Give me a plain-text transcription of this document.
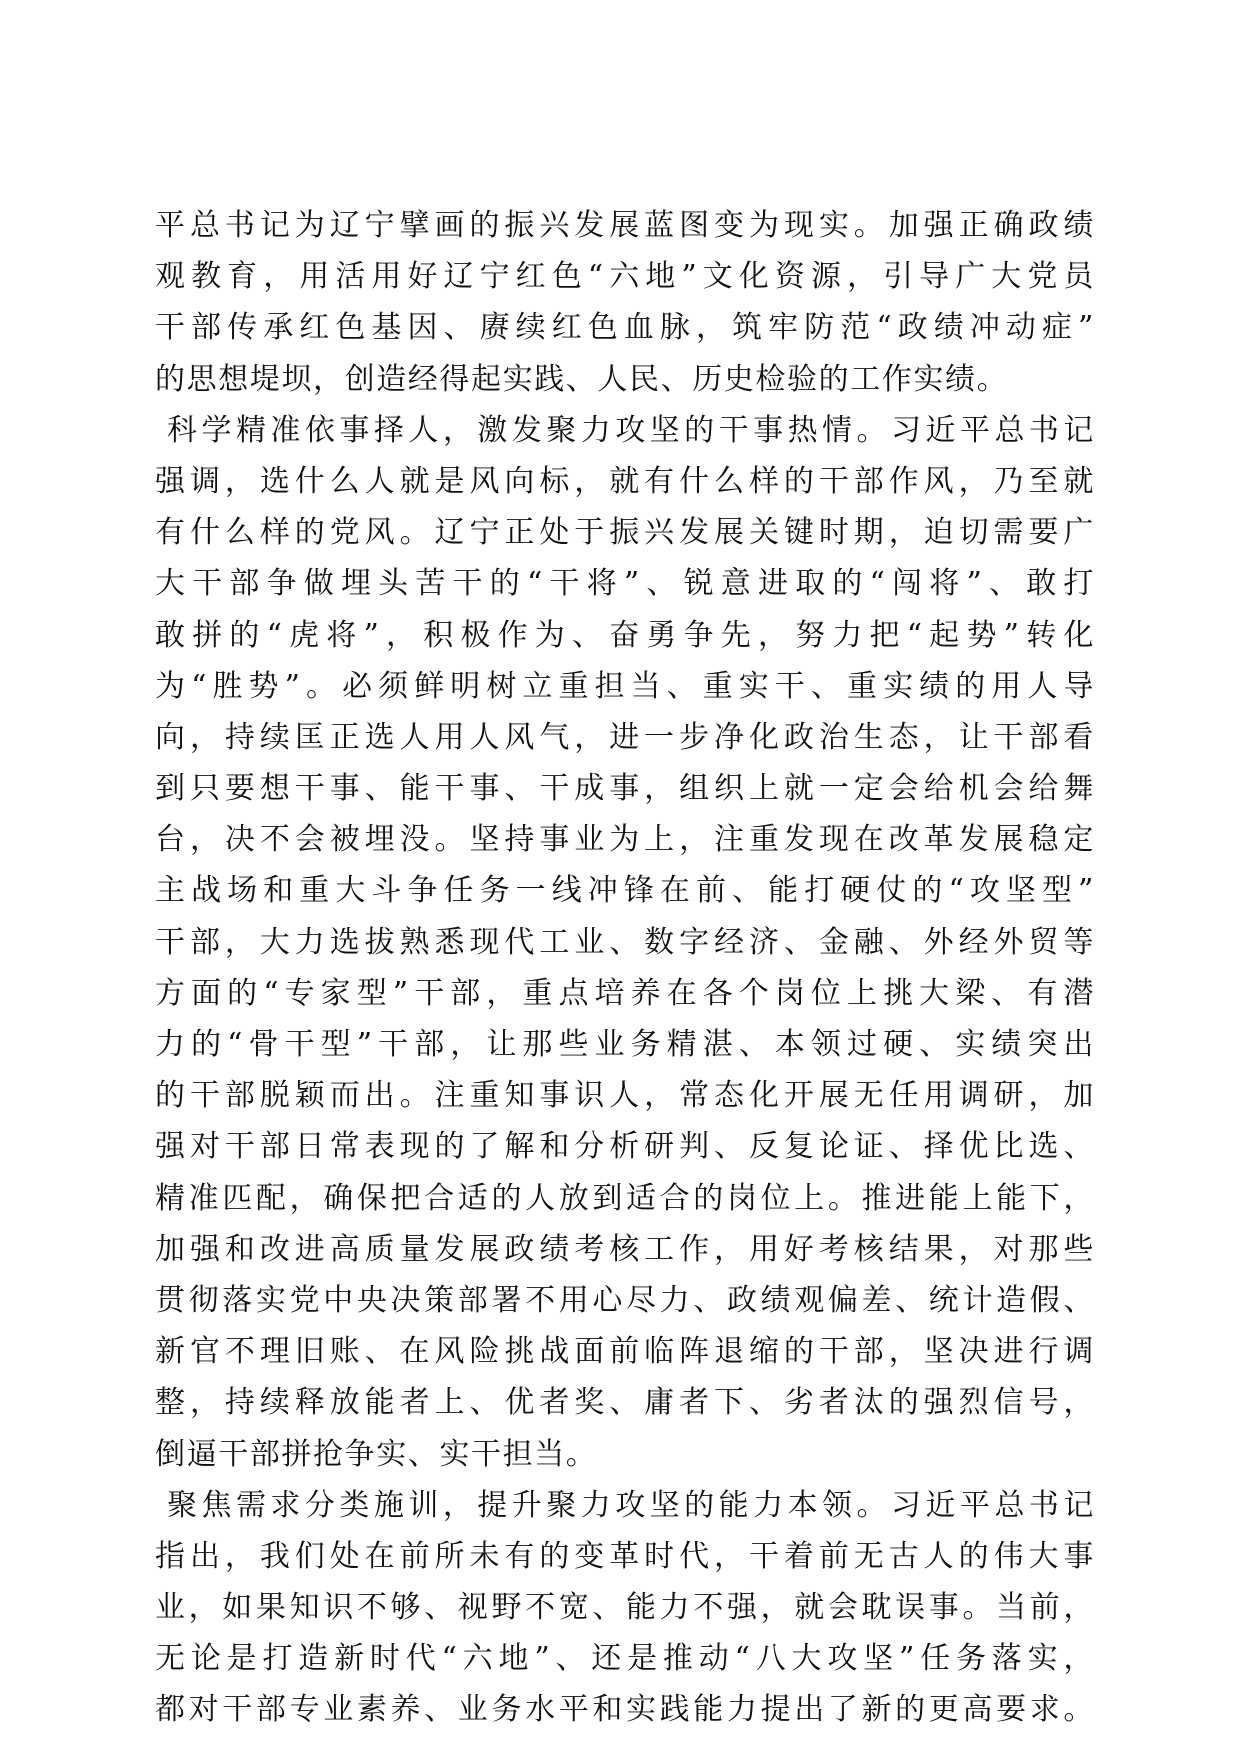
平总书记为辽宁擘画的振兴发展蓝图变为现实。加强正确政绩
观教育，用活用好辽宁红色“六地”文化资源，引导广大党员
干部传承红色基因、赓续红色血脉，筑牢防范“政绩冲动症”
的思想堤坝，创造经得起实践、人民、历史检验的工作实绩。
科学精准依事择人，激发聚力攻坚的干事热情。习近平总书记
强调，选什么人就是风向标，就有什么样的干部作风，乃至就
有什么样的党风。辽宁正处于振兴发展关键时期，迫切需要广
大干部争做埋头苦干的“干将”、锐意进取的“闯将”、敢打
敢拼的“虎将”，积极作为、奋勇争先，努力把“起势”转化
为“胜势”。必须鲜明树立重担当、重实干、重实绩的用人导
向，持续匡正选人用人风气，进一步净化政治生态，让干部看
到只要想干事、能干事、干成事，组织上就一定会给机会给舞
台，决不会被埋没。坚持事业为上，注重发现在改革发展稳定
主战场和重大斗争任务一线冲锋在前、能打硬仗的“攻坚型”
干部，大力选拔熟悉现代工业、数字经济、金融、外经外贸等
方面的“专家型”干部，重点培养在各个岗位上挑大梁、有潜
力的“骨干型”干部，让那些业务精湛、本领过硬、实绩突出
的干部脱颖而出。注重知事识人，常态化开展无任用调研，加
强对干部日常表现的了解和分析研判、反复论证、择优比选、
精准匹配，确保把合适的人放到适合的岗位上。推进能上能下，
加强和改进高质量发展政绩考核工作，用好考核结果，对那些
贯彻落实党中央决策部署不用心尽力、政绩观偏差、统计造假、
新官不理旧账、在风险挑战面前临阵退缩的干部，坚决进行调
整，持续释放能者上、优者奖、庸者下、劣者汰的强烈信号，
倒逼干部拼抢争实、实干担当。
聚焦需求分类施训，提升聚力攻坚的能力本领。习近平总书记
指出，我们处在前所未有的变革时代，干着前无古人的伟大事
业，如果知识不够、视野不宽、能力不强，就会耽误事。当前，
无论是打造新时代“六地”、还是推动“八大攻坚”任务落实，
都对干部专业素养、业务水平和实践能力提出了新的更高要求。
